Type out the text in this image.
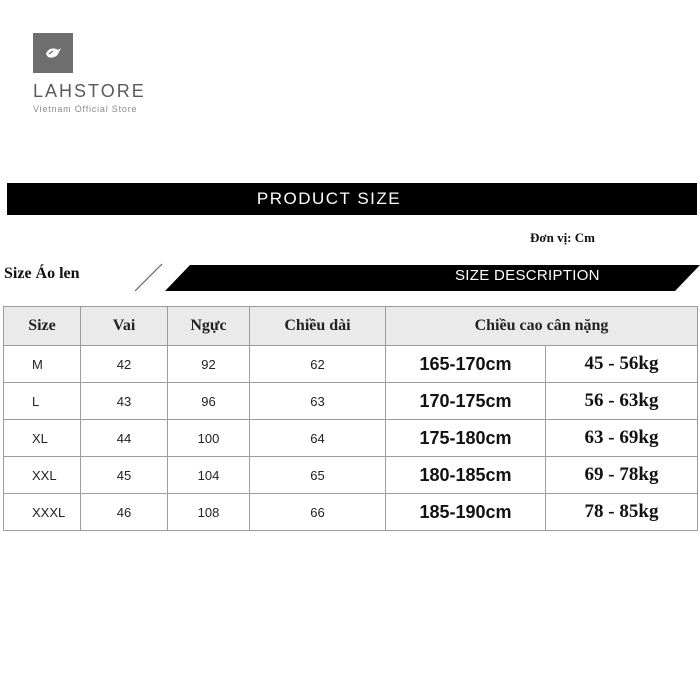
LAHSTORE
Vietnam Official Store
PRODUCT SIZE
Đơn vị: Cm
Size Áo len	SIZE DESCRIPTION
Size	Vai	Ngực	Chiều dài	Chiều cao cân nặng	
M	42	92	62	165-170cm	45 - 56kg
L	43	96	63	170-175cm	56 - 63kg
XL	44	100	64	175-180cm	63 - 69kg
XXL	45	104	65	180-185cm	69 - 78kg
XXXL	46	108	66	185-190cm	78 - 85kg
